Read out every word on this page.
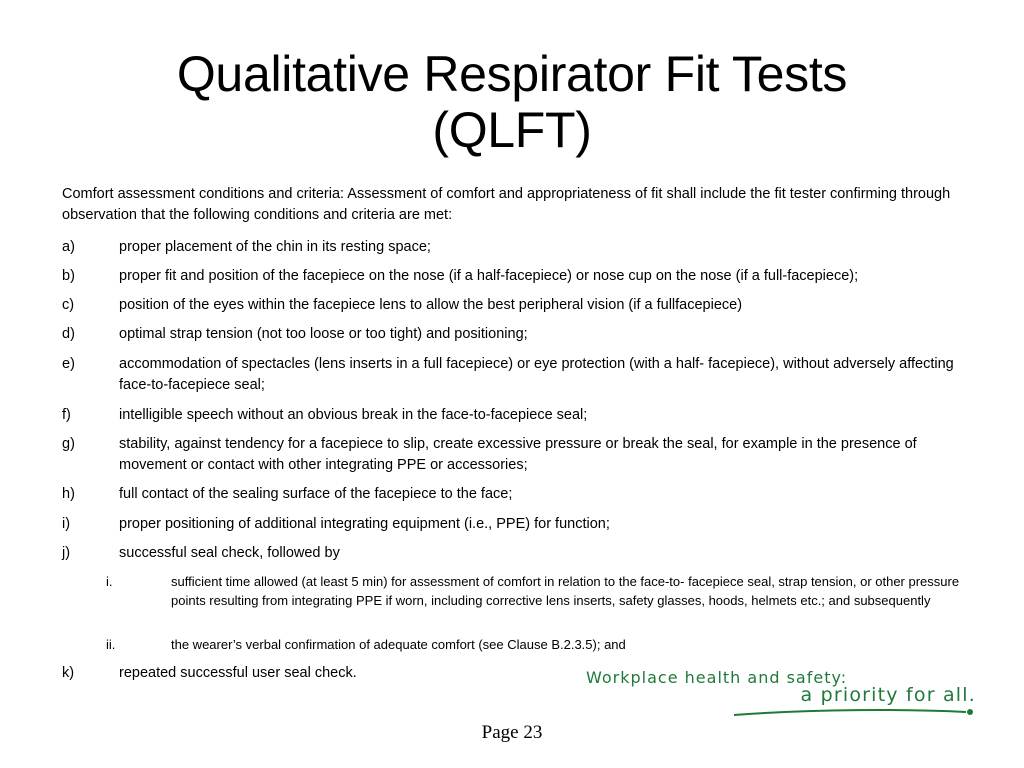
Qualitative Respirator Fit Tests
(QLFT)
Comfort assessment conditions and criteria: Assessment of comfort and appropriateness of fit shall include the fit tester confirming through observation that the following conditions and criteria are met:
a)	proper placement of the chin in its resting space;
b)	proper fit and position of the facepiece on the nose (if a half-facepiece) or nose cup on the nose (if a full-facepiece);
c)	position of the eyes within the facepiece lens to allow the best peripheral vision (if a fullfacepiece)
d)	optimal strap tension (not too loose or too tight) and positioning;
e)	accommodation of spectacles (lens inserts in a full facepiece) or eye protection (with a half- facepiece), without adversely affecting face-to-facepiece seal;
f)	intelligible speech without an obvious break in the face-to-facepiece seal;
g)	stability, against tendency for a facepiece to slip, create excessive pressure or break the seal, for example in the presence of movement or contact with other integrating PPE or accessories;
h)	full contact of the sealing surface of the facepiece to the face;
i)	proper positioning of additional integrating equipment (i.e., PPE) for function;
j)	successful seal check, followed by
i.	sufficient time allowed (at least 5 min) for assessment of comfort in relation to the face-to- facepiece seal, strap tension, or other pressure points resulting from integrating PPE if worn, including corrective lens inserts, safety glasses, hoods, helmets etc.; and subsequently
ii.	the wearer’s verbal confirmation of adequate comfort (see Clause B.2.3.5); and
k)	repeated successful user seal check.	Workplace health and safety:
a priority for all.
Page 23
